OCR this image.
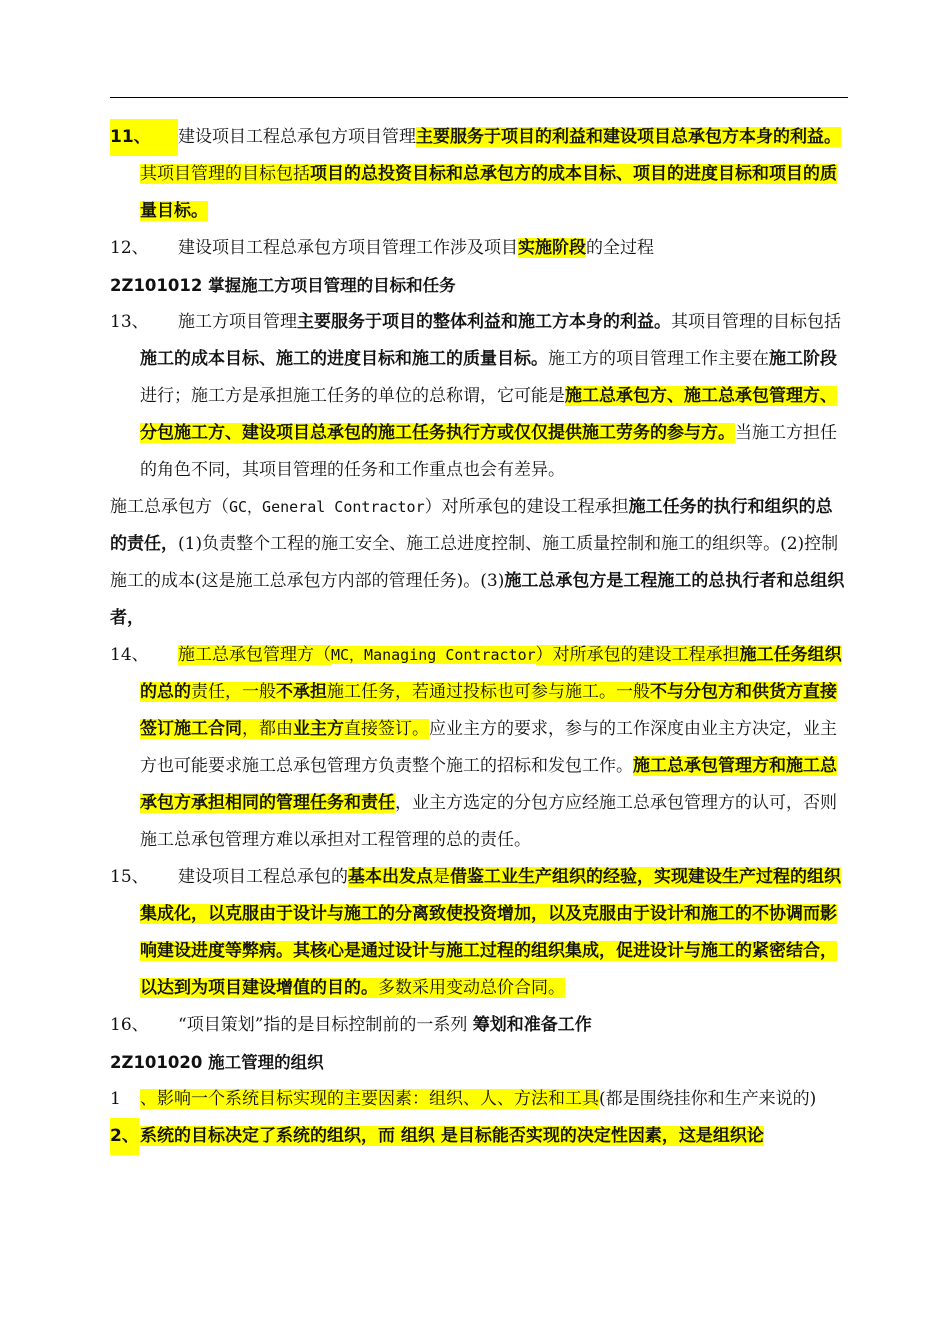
11、	建设项目工程总承包方项目管理主要服务于项目的利益和建设项目总承包方本身的利益。其项目管理的目标包括项目的总投资目标和总承包方的成本目标、项目的进度目标和项目的质量目标。

12、	建设项目工程总承包方项目管理工作涉及项目实施阶段的全过程

2Z101012 掌握施工方项目管理的目标和任务

13、	施工方项目管理主要服务于项目的整体利益和施工方本身的利益。其项目管理的目标包括施工的成本目标、施工的进度目标和施工的质量目标。施工方的项目管理工作主要在施工阶段进行；施工方是承担施工任务的单位的总称谓，它可能是施工总承包方、施工总承包管理方、分包施工方、建设项目总承包的施工任务执行方或仅仅提供施工劳务的参与方。当施工方担任的角色不同，其项目管理的任务和工作重点也会有差异。

施工总承包方（GC，General Contractor）对所承包的建设工程承担施工任务的执行和组织的总的责任，(1)负责整个工程的施工安全、施工总进度控制、施工质量控制和施工的组织等。(2)控制施工的成本(这是施工总承包方内部的管理任务)。(3)施工总承包方是工程施工的总执行者和总组织者，

14、	施工总承包管理方（MC，Managing Contractor）对所承包的建设工程承担施工任务组织的总的责任，一般不承担施工任务，若通过投标也可参与施工。一般不与分包方和供货方直接签订施工合同，都由业主方直接签订。应业主方的要求，参与的工作深度由业主方决定，业主方也可能要求施工总承包管理方负责整个施工的招标和发包工作。施工总承包管理方和施工总承包方承担相同的管理任务和责任，业主方选定的分包方应经施工总承包管理方的认可，否则施工总承包管理方难以承担对工程管理的总的责任。

15、	建设项目工程总承包的基本出发点是借鉴工业生产组织的经验，实现建设生产过程的组织集成化，以克服由于设计与施工的分离致使投资增加，以及克服由于设计和施工的不协调而影响建设进度等弊病。其核心是通过设计与施工过程的组织集成，促进设计与施工的紧密结合，以达到为项目建设增值的目的。多数采用变动总价合同。

16、	“项目策划”指的是目标控制前的一系列 筹划和准备工作

2Z101020 施工管理的组织

1 、影响一个系统目标实现的主要因素：组织、人、方法和工具(都是围绕挂你和生产来说的)

2、 系统的目标决定了系统的组织，而 组织 是目标能否实现的决定性因素，这是组织论
